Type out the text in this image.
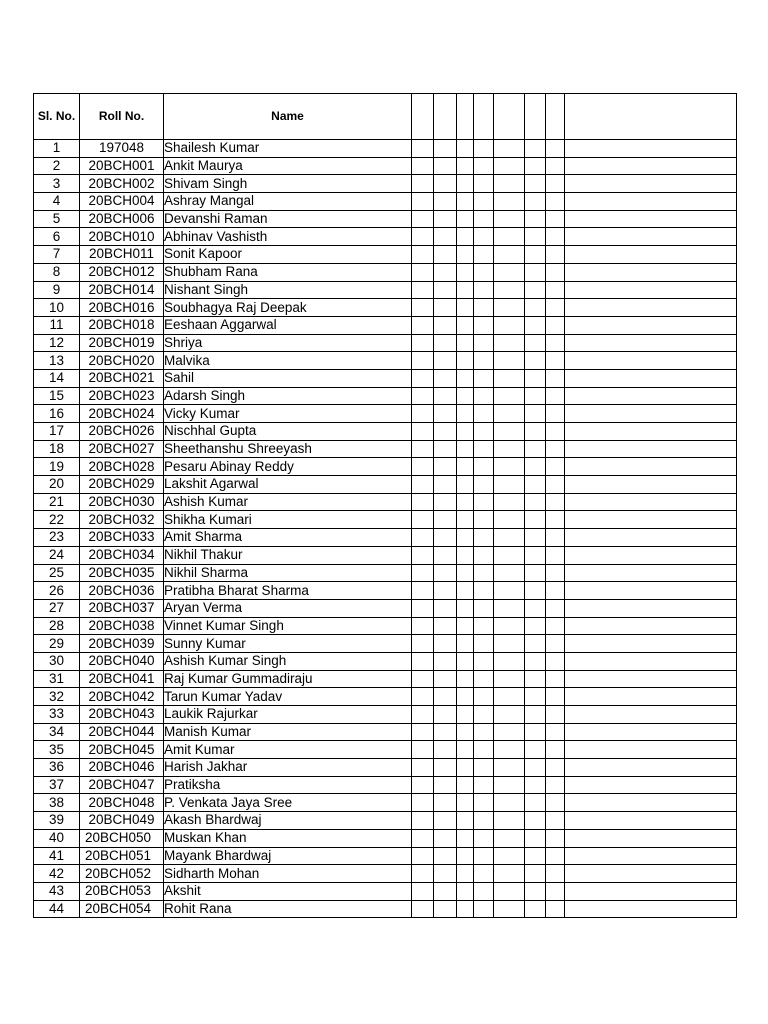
Sl. No.	Roll No.	Name								
1	197048	Shailesh Kumar								
2	20BCH001	Ankit Maurya								
3	20BCH002	Shivam Singh								
4	20BCH004	Ashray Mangal								
5	20BCH006	Devanshi Raman								
6	20BCH010	Abhinav Vashisth								
7	20BCH011	Sonit Kapoor								
8	20BCH012	Shubham Rana								
9	20BCH014	Nishant Singh								
10	20BCH016	Soubhagya Raj Deepak								
11	20BCH018	Eeshaan Aggarwal								
12	20BCH019	Shriya								
13	20BCH020	Malvika								
14	20BCH021	Sahil								
15	20BCH023	Adarsh Singh								
16	20BCH024	Vicky Kumar								
17	20BCH026	Nischhal Gupta								
18	20BCH027	Sheethanshu Shreeyash								
19	20BCH028	Pesaru Abinay Reddy								
20	20BCH029	Lakshit Agarwal								
21	20BCH030	Ashish Kumar								
22	20BCH032	Shikha Kumari								
23	20BCH033	Amit Sharma								
24	20BCH034	Nikhil Thakur								
25	20BCH035	Nikhil Sharma								
26	20BCH036	Pratibha Bharat Sharma								
27	20BCH037	Aryan Verma								
28	20BCH038	Vinnet Kumar Singh								
29	20BCH039	Sunny Kumar								
30	20BCH040	Ashish Kumar Singh								
31	20BCH041	Raj Kumar Gummadiraju								
32	20BCH042	Tarun Kumar Yadav								
33	20BCH043	Laukik Rajurkar								
34	20BCH044	Manish Kumar								
35	20BCH045	Amit Kumar								
36	20BCH046	Harish Jakhar								
37	20BCH047	Pratiksha								
38	20BCH048	P. Venkata Jaya Sree								
39	20BCH049	Akash Bhardwaj								
40	20BCH050	Muskan Khan								
41	20BCH051	Mayank Bhardwaj								
42	20BCH052	Sidharth Mohan								
43	20BCH053	Akshit								
44	20BCH054	Rohit Rana								
